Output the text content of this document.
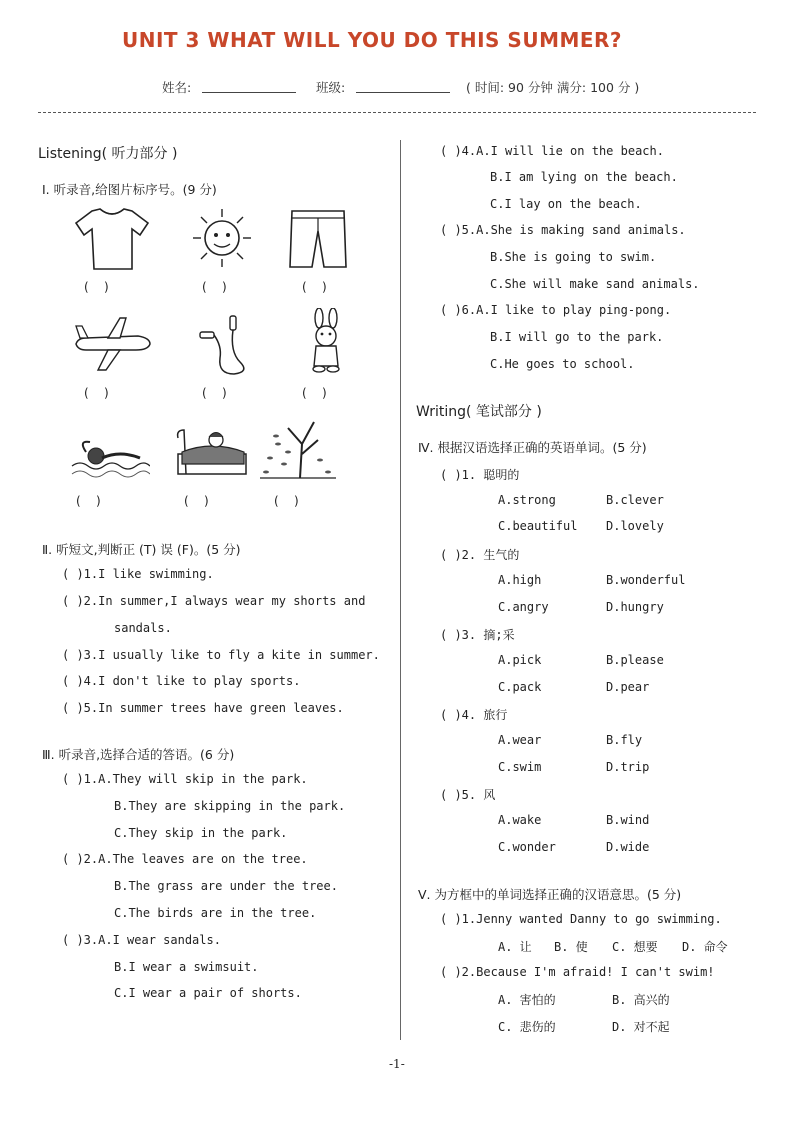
UNIT 3 WHAT WILL YOU DO THIS SUMMER?
姓名:	班级:	( 时间: 90 分钟 满分: 100 分 )
Listening( 听力部分 )
Ⅰ. 听录音,给图片标序号。(9 分)
(    )	(    )	(    )
(    )	(    )	(    )
(    )	(    )	(    )
Ⅱ. 听短文,判断正 (T) 误 (F)。(5 分)
( )1.I like swimming.
( )2.In summer,I always wear my shorts and
sandals.
( )3.I usually like to fly a kite in summer.
( )4.I don't like to play sports.
( )5.In summer trees have green leaves.
Ⅲ. 听录音,选择合适的答语。(6 分)
( )1.A.They will skip in the park.
B.They are skipping in the park.
C.They skip in the park.
( )2.A.The leaves are on the tree.
B.The grass are under the tree.
C.The birds are in the tree.
( )3.A.I wear sandals.
B.I wear a swimsuit.
C.I wear a pair of shorts.
( )4.A.I will lie on the beach.
B.I am lying on the beach.
C.I lay on the beach.
( )5.A.She is making sand animals.
B.She is going to swim.
C.She will make sand animals.
( )6.A.I like to play ping-pong.
B.I will go to the park.
C.He goes to school.
Writing( 笔试部分 )
Ⅳ. 根据汉语选择正确的英语单词。(5 分)
( )1. 聪明的
A.strong	B.clever
C.beautiful D.lovely
( )2. 生气的
A.high	B.wonderful
C.angry	D.hungry
( )3. 摘;采
A.pick	B.please
C.pack	D.pear
( )4. 旅行
A.wear	B.fly
C.swim	D.trip
( )5. 风
A.wake	B.wind
C.wonder	D.wide
Ⅴ. 为方框中的单词选择正确的汉语意思。(5 分)
( )1.Jenny wanted Danny to go swimming.
A. 让 B. 使 C. 想要 D. 命令
( )2.Because I'm afraid! I can't swim!
A. 害怕的	B. 高兴的
C. 悲伤的	D. 对不起
-1-
